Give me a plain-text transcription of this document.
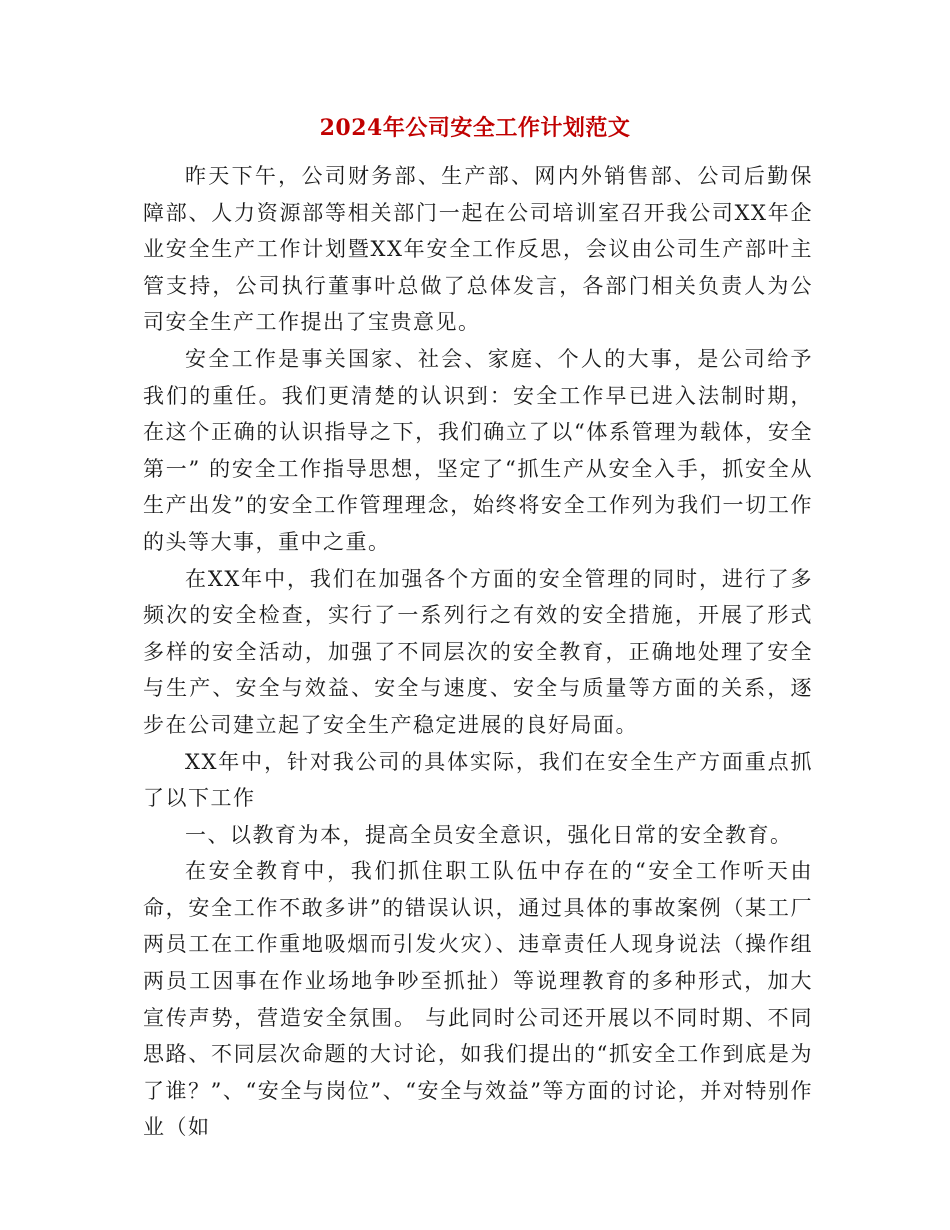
2024年公司安全工作计划范文

昨天下午，公司财务部、生产部、网内外销售部、公司后勤保障部、人力资源部等相关部门一起在公司培训室召开我公司XX年企业安全生产工作计划暨XX年安全工作反思，会议由公司生产部叶主管支持，公司执行董事叶总做了总体发言，各部门相关负责人为公司安全生产工作提出了宝贵意见。

安全工作是事关国家、社会、家庭、个人的大事，是公司给予我们的重任。我们更清楚的认识到：安全工作早已进入法制时期，在这个正确的认识指导之下，我们确立了以“体系管理为载体，安全第一” 的安全工作指导思想，坚定了“抓生产从安全入手，抓安全从生产出发”的安全工作管理理念，始终将安全工作列为我们一切工作的头等大事，重中之重。

在XX年中，我们在加强各个方面的安全管理的同时，进行了多频次的安全检查，实行了一系列行之有效的安全措施，开展了形式多样的安全活动，加强了不同层次的安全教育，正确地处理了安全与生产、安全与效益、安全与速度、安全与质量等方面的关系，逐步在公司建立起了安全生产稳定进展的良好局面。

XX年中，针对我公司的具体实际，我们在安全生产方面重点抓了以下工作

一、以教育为本，提高全员安全意识，强化日常的安全教育。

在安全教育中，我们抓住职工队伍中存在的“安全工作听天由命，安全工作不敢多讲”的错误认识，通过具体的事故案例（某工厂两员工在工作重地吸烟而引发火灾）、违章责任人现身说法（操作组两员工因事在作业场地争吵至抓扯）等说理教育的多种形式，加大宣传声势，营造安全氛围。 与此同时公司还开展以不同时期、不同思路、不同层次命题的大讨论，如我们提出的“抓安全工作到底是为了谁？”、“安全与岗位”、“安全与效益”等方面的讨论，并对特别作业（如
